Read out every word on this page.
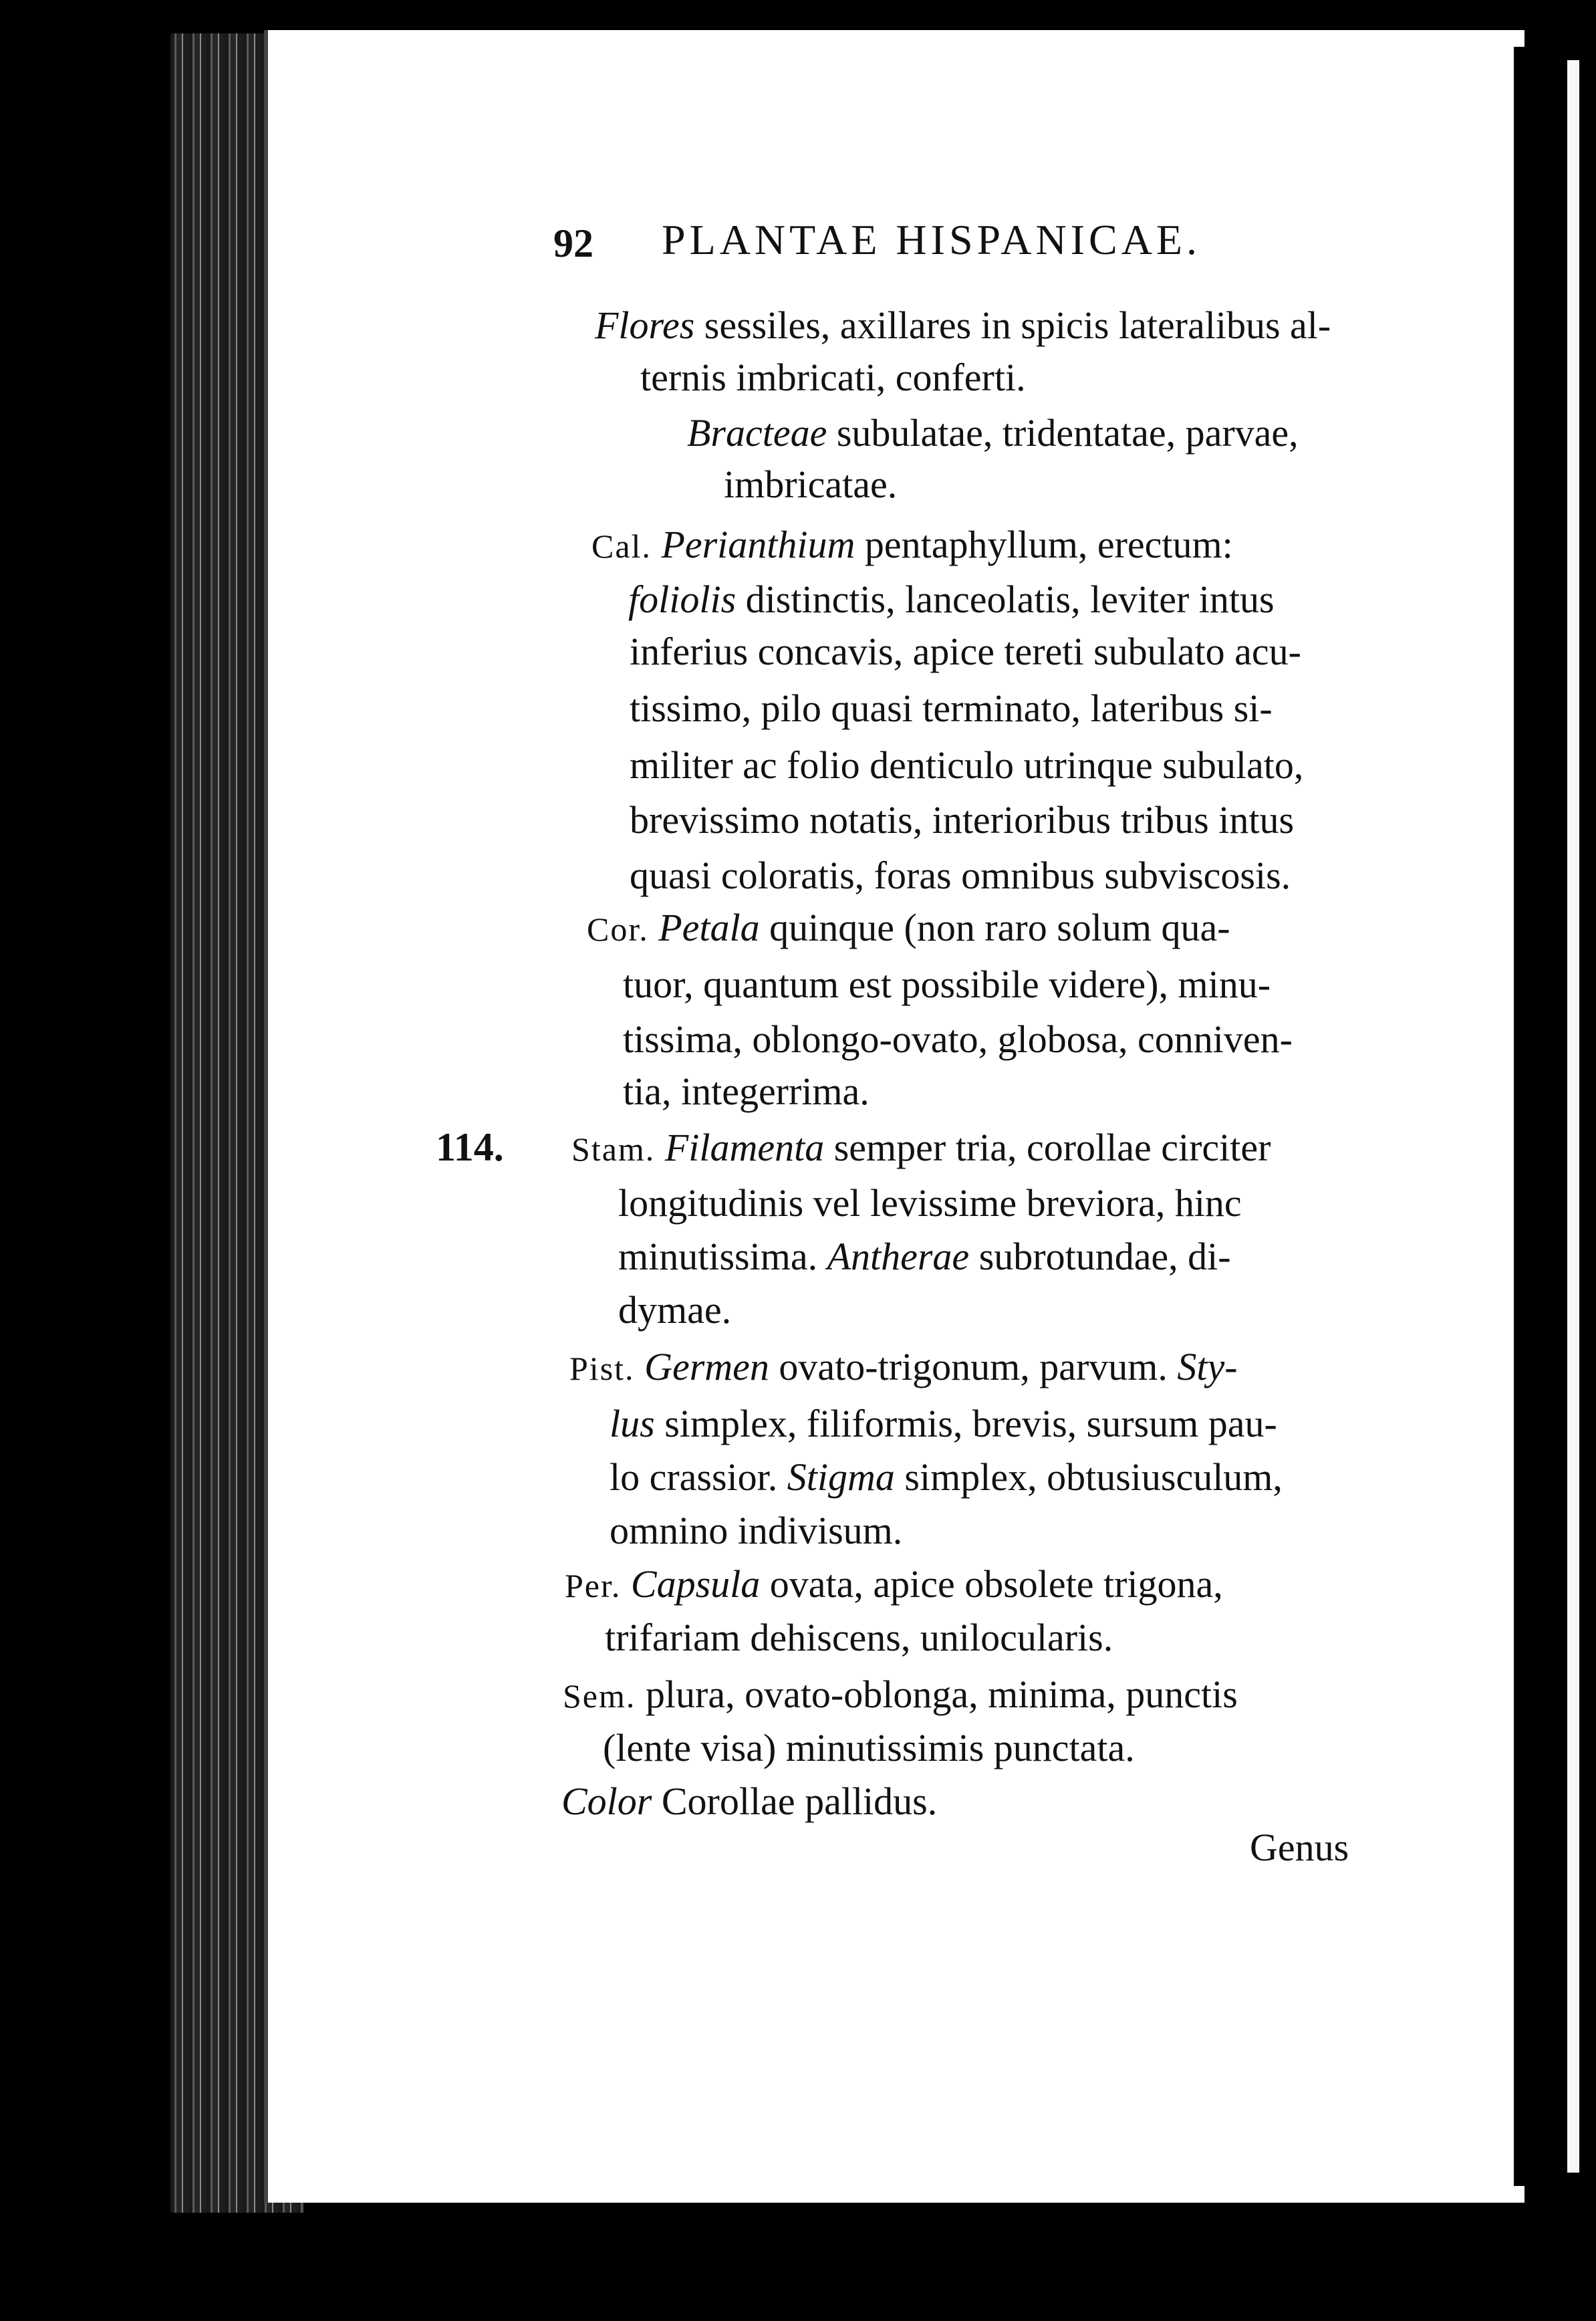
92 PLANTAE HISPANICAE.
Flores sessiles, axillares in spicis lateralibus al-
ternis imbricati, conferti.
Bracteae subulatae, tridentatae, parvae,
imbricatae.
Cal. Perianthium pentaphyllum, erectum:
foliolis distinctis, lanceolatis, leviter intus
inferius concavis, apice tereti subulato acu-
tissimo, pilo quasi terminato, lateribus si-
militer ac folio denticulo utrinque subulato,
brevissimo notatis, interioribus tribus intus
quasi coloratis, foras omnibus subviscosis.
Cor. Petala quinque (non raro solum qua-
tuor, quantum est possibile videre), minu-
tissima, oblongo-ovato, globosa, conniven-
tia, integerrima.
114. Stam. Filamenta semper tria, corollae circiter
longitudinis vel levissime breviora, hinc
minutissima. Antherae subrotundae, di-
dymae.
Pist. Germen ovato-trigonum, parvum. Sty-
lus simplex, filiformis, brevis, sursum pau-
lo crassior. Stigma simplex, obtusiusculum,
omnino indivisum.
Per. Capsula ovata, apice obsolete trigona,
trifariam dehiscens, unilocularis.
Sem. plura, ovato-oblonga, minima, punctis
(lente visa) minutissimis punctata.
Color Corollae pallidus.
Genus
